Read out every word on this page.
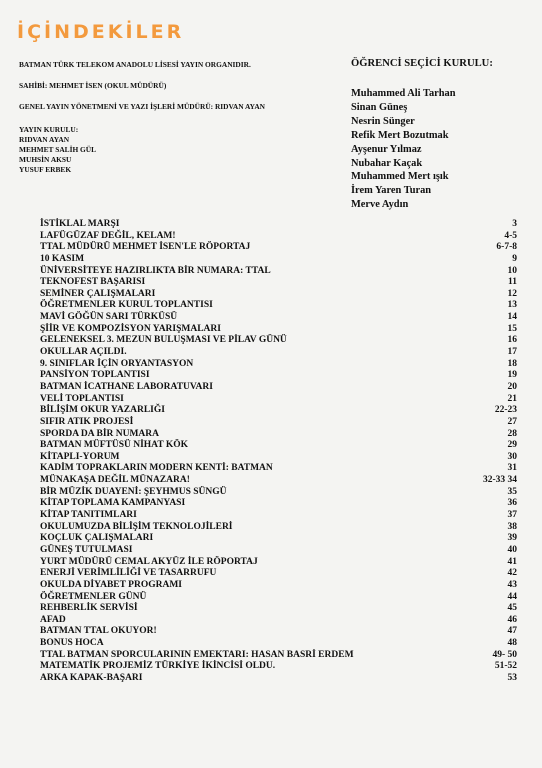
İÇİNDEKİLER
BATMAN TÜRK TELEKOM ANADOLU LİSESİ YAYIN ORGANIDIR.
SAHİBİ: MEHMET İSEN (OKUL MÜDÜRÜ)
GENEL YAYIN YÖNETMENİ VE YAZI İŞLERİ MÜDÜRÜ: RIDVAN AYAN
YAYIN KURULU:
RIDVAN AYAN
MEHMET SALİH GÜL
MUHSİN AKSU
YUSUF ERBEK
ÖĞRENCİ SEÇİCİ KURULU:
Muhammed Ali Tarhan
Sinan Güneş
Nesrin Sünger
Refik Mert Bozutmak
Ayşenur Yılmaz
Nubahar Kaçak
Muhammed Mert ışık
İrem Yaren Turan
Merve Aydın
İSTİKLAL MARŞI	3
LAFÜGÜZAF DEĞİL, KELAM!	4-5
TTAL MÜDÜRÜ MEHMET İSEN'LE RÖPORTAJ	6-7-8
10 KASIM	9
ÜNİVERSİTEYE HAZIRLIKTA BİR NUMARA: TTAL	10
TEKNOFEST BAŞARISI	11
SEMİNER ÇALIŞMALARI	12
ÖĞRETMENLER KURUL TOPLANTISI	13
MAVİ GÖĞÜN SARI TÜRKÜSÜ	14
ŞİİR VE KOMPOZİSYON YARIŞMALARI	15
GELENEKSEL 3. MEZUN BULUŞMASI VE PİLAV GÜNÜ	16
OKULLAR AÇILDI.	17
9. SINIFLAR İÇİN ORYANTASYON	18
PANSİYON TOPLANTISI	19
BATMAN İCATHANE LABORATUVARI	20
VELİ TOPLANTISI	21
BİLİŞİM OKUR YAZARLIĞI	22-23
SIFIR ATIK PROJESİ	27
SPORDA DA BİR NUMARA	28
BATMAN MÜFTÜSÜ NİHAT KÖK	29
KİTAPLI-YORUM	30
KADİM TOPRAKLARIN MODERN KENTİ: BATMAN	31
MÜNAKAŞA DEĞİL MÜNAZARA!	32-33 34
BİR MÜZİK DUAYENİ: ŞEYHMUS SÜNGÜ	35
KİTAP TOPLAMA KAMPANYASI	36
KİTAP TANITIMLARI	37
OKULUMUZDA BİLİŞİM TEKNOLOJİLERİ	38
KOÇLUK ÇALIŞMALARI	39
GÜNEŞ TUTULMASI	40
YURT MÜDÜRÜ CEMAL AKYÜZ İLE RÖPORTAJ	41
ENERJİ VERİMLİLİĞİ VE TASARRUFU	42
OKULDA DİYABET PROGRAMI	43
ÖĞRETMENLER GÜNÜ	44
REHBERLİK SERVİSİ	45
AFAD	46
BATMAN TTAL OKUYOR!	47
BONUS HOCA	48
TTAL BATMAN SPORCULARININ EMEKTARI: HASAN BASRİ ERDEM	49- 50
MATEMATİK PROJEMİZ TÜRKİYE İKİNCİSİ OLDU.	51-52
ARKA KAPAK-BAŞARI	53
